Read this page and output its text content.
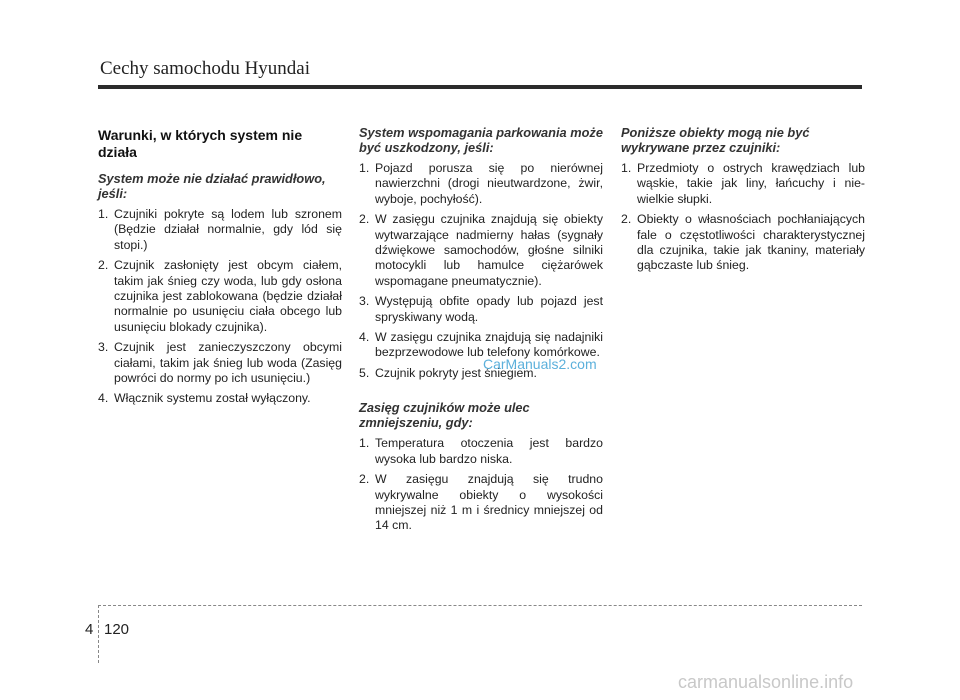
Cechy samochodu Hyundai
Warunki, w których system nie działa
System może nie działać prawidłowo, jeśli:
1. Czujniki pokryte są lodem lub szronem (Będzie działał normalnie, gdy lód się stopi.)
2. Czujnik zasłonięty jest obcym ciałem, takim jak śnieg czy woda, lub gdy osłona czujnika jest zablokowana (będzie działał normalnie po usunięciu ciała obcego lub usunięciu blokady czujnika).
3. Czujnik jest zanieczyszczony obcymi ciałami, takim jak śnieg lub woda (Zasięg powróci do normy po ich usunięciu.)
4. Włącznik systemu został wyłączony.
System wspomagania parkowania może być uszkodzony, jeśli:
1. Pojazd porusza się po nierównej nawierzchni (drogi nieutwardzone, żwir, wyboje, pochyłość).
2. W zasięgu czujnika znajdują się obiekty wytwarzające nadmierny hałas (sygnały dźwiękowe samochodów, głośne silniki motocykli lub hamulce ciężarówek wspomagane pneumatycznie).
3. Występują obfite opady lub pojazd jest spryskiwany wodą.
4. W zasięgu czujnika znajdują się nadajniki bezprzewodowe lub telefony komórkowe.
5. Czujnik pokryty jest śniegiem.
Zasięg czujników może ulec zmniejszeniu, gdy:
1. Temperatura otoczenia jest bardzo wysoka lub bardzo niska.
2. W zasięgu znajdują się trudno wykrywalne obiekty o wysokości mniejszej niż 1 m i średnicy mniejszej od 14 cm.
Poniższe obiekty mogą nie być wykrywane przez czujniki:
1. Przedmioty o ostrych krawędziach lub wąskie, takie jak liny, łańcuchy i nie-wielkie słupki.
2. Obiekty o własnościach pochłaniających fale o częstotliwości charakterystycznej dla czujnika, takie jak tkaniny, materiały gąbczaste lub śnieg.
CarManuals2.com
4 120
carmanualsonline.info
